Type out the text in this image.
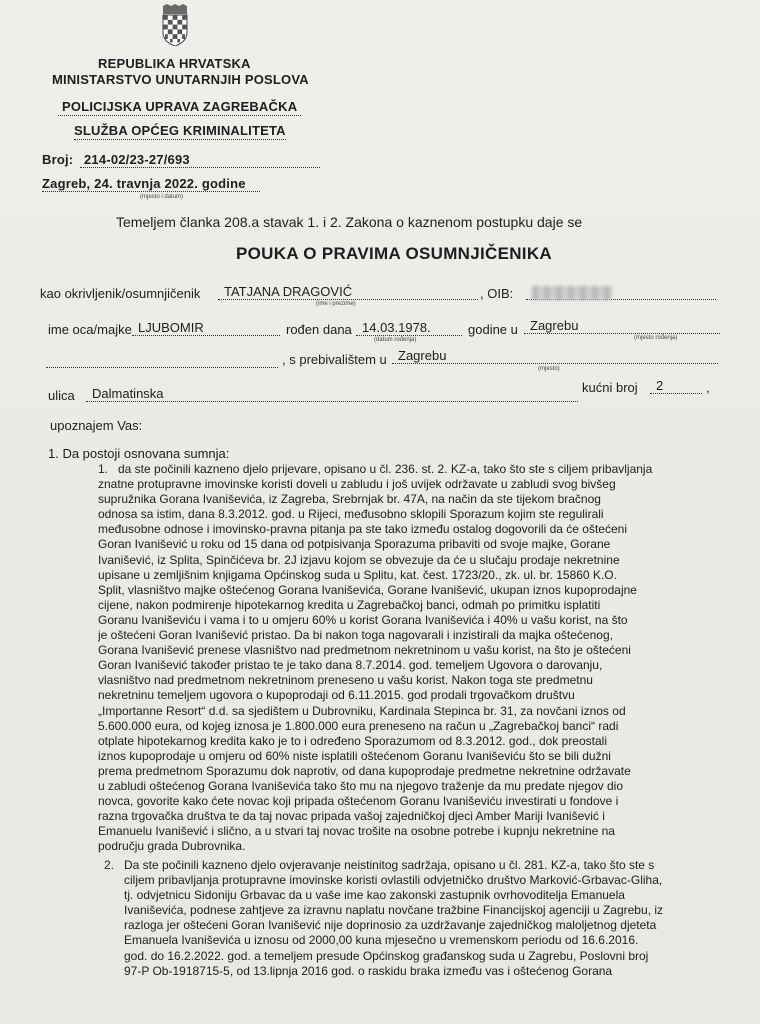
REPUBLIKA HRVATSKA
MINISTARSTVO UNUTARNJIH POSLOVA
POLICIJSKA UPRAVA ZAGREBAČKA
SLUŽBA OPĆEG KRIMINALITETA
Broj: 214-02/23-27/693
Zagreb, 24. travnja 2022. godine
(mjesto i datum)
Temeljem članka 208.a stavak 1. i 2. Zakona o kaznenom postupku daje se
POUKA O PRAVIMA OSUMNJIČENIKA
kao okrivljenik/osumnjičenik	TATJANA DRAGOVIĆ
(ime i prezime)
, OIB:
ime oca/majke LJUBOMIR	rođen dana 14.03.1978.
(datum rođenja)
godine u Zagrebu
(mjesto rođenja)
, s prebivalištem u Zagrebu
(mjesto)
ulica	Dalmatinska	kućni broj	2	,
upoznajem Vas:
1. Da postoji osnovana sumnja:
1. da ste počinili kazneno djelo prijevare, opisano u čl. 236. st. 2. KZ-a, tako što ste s ciljem pribavljanja
znatne protupravne imovinske koristi doveli u zabludu i još uvijek održavate u zabludi svog bivšeg
supružnika Gorana Ivaniševića, iz Zagreba, Srebrnjak br. 47A, na način da ste tijekom bračnog
odnosa sa istim, dana 8.3.2012. god. u Rijeci, međusobno sklopili Sporazum kojim ste regulirali
međusobne odnose i imovinsko-pravna pitanja pa ste tako između ostalog dogovorili da će oštećeni
Goran Ivanišević u roku od 15 dana od potpisivanja Sporazuma pribaviti od svoje majke, Gorane
Ivanišević, iz Splita, Spinčićeva br. 2J izjavu kojom se obvezuje da će u slučaju prodaje nekretnine
upisane u zemljišnim knjigama Općinskog suda u Splitu, kat. čest. 1723/20., zk. ul. br. 15860 K.O.
Split, vlasništvo majke oštećenog Gorana Ivaniševića, Gorane Ivanišević, ukupan iznos kupoprodajne
cijene, nakon podmirenje hipotekarnog kredita u Zagrebačkoj banci, odmah po primitku isplatiti
Goranu Ivaniševiću i vama i to u omjeru 60% u korist Gorana Ivaniševića i 40% u vašu korist, na što
je oštećeni Goran Ivanišević pristao. Da bi nakon toga nagovarali i inzistirali da majka oštećenog,
Gorana Ivanišević prenese vlasništvo nad predmetnom nekretninom u vašu korist, na što je oštećeni
Goran Ivanišević također pristao te je tako dana 8.7.2014. god. temeljem Ugovora o darovanju,
vlasništvo nad predmetnom nekretninom preneseno u vašu korist. Nakon toga ste predmetnu
nekretninu temeljem ugovora o kupoprodaji od 6.11.2015. god prodali trgovačkom društvu
„Importanne Resort“ d.d. sa sjedištem u Dubrovniku, Kardinala Stepinca br. 31, za novčani iznos od
5.600.000 eura, od kojeg iznosa je 1.800.000 eura preneseno na račun u „Zagrebačkoj banci“ radi
otplate hipotekarnog kredita kako je to i određeno Sporazumom od 8.3.2012. god., dok preostali
iznos kupoprodaje u omjeru od 60% niste isplatili oštećenom Goranu Ivaniševiću što se bili dužni
prema predmetnom Sporazumu dok naprotiv, od dana kupoprodaje predmetne nekretnine održavate
u zabludi oštećenog Gorana Ivaniševića tako što mu na njegovo traženje da mu predate njegov dio
novca, govorite kako ćete novac koji pripada oštećenom Goranu Ivaniševiću investirati u fondove i
razna trgovačka društva te da taj novac pripada vašoj zajedničkoj djeci Amber Mariji Ivanišević i
Emanuelu Ivanišević i slično, a u stvari taj novac trošite na osobne potrebe i kupnju nekretnine na
području grada Dubrovnika.
2. Da ste počinili kazneno djelo ovjeravanje neistinitog sadržaja, opisano u čl. 281. KZ-a, tako što ste s
ciljem pribavljanja protupravne imovinske koristi ovlastili odvjetničko društvo Marković-Grbavac-Gliha,
tj. odvjetnicu Sidoniju Grbavac da u vaše ime kao zakonski zastupnik ovrhovoditelja Emanuela
Ivaniševića, podnese zahtjeve za izravnu naplatu novčane tražbine Financijskoj agenciji u Zagrebu, iz
razloga jer oštećeni Goran Ivanišević nije doprinosio za uzdržavanje zajedničkog maloljetnog djeteta
Emanuela Ivaniševića u iznosu od 2000,00 kuna mjesečno u vremenskom periodu od 16.6.2016.
god. do 16.2.2022. god. a temeljem presude Općinskog građanskog suda u Zagrebu, Poslovni broj
97-P Ob-1918715-5, od 13.lipnja 2016 god. o raskidu braka između vas i oštećenog Gorana
